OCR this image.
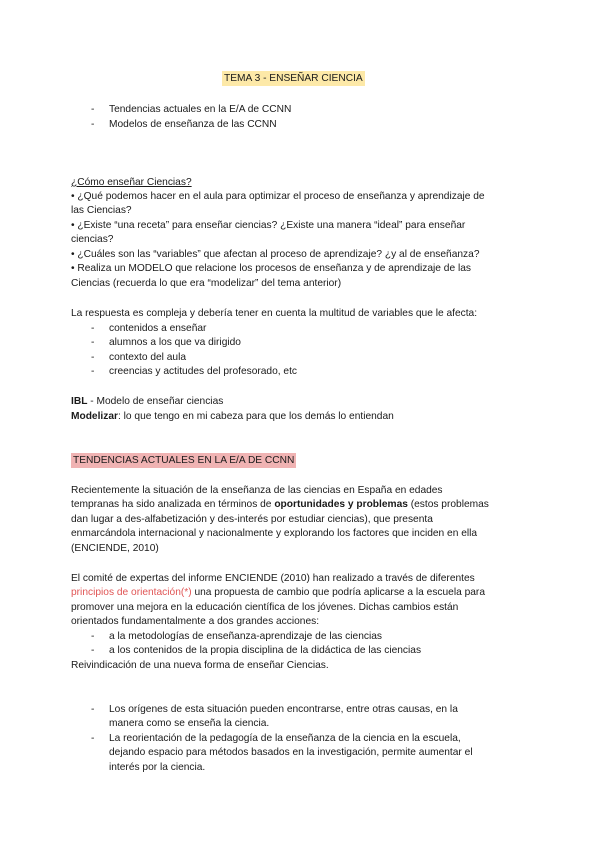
TEMA 3 - ENSEÑAR CIENCIA
- Tendencias actuales en la E/A de CCNN
- Modelos de enseñanza de las CCNN
¿Cómo enseñar Ciencias?
• ¿Qué podemos hacer en el aula para optimizar el proceso de enseñanza y aprendizaje de
las Ciencias?
• ¿Existe “una receta” para enseñar ciencias? ¿Existe una manera “ideal” para enseñar
ciencias?
• ¿Cuáles son las “variables” que afectan al proceso de aprendizaje? ¿y al de enseñanza?
• Realiza un MODELO que relacione los procesos de enseñanza y de aprendizaje de las
Ciencias (recuerda lo que era “modelizar” del tema anterior)
La respuesta es compleja y debería tener en cuenta la multitud de variables que le afecta:
- contenidos a enseñar
- alumnos a los que va dirigido
- contexto del aula
- creencias y actitudes del profesorado, etc
IBL - Modelo de enseñar ciencias
Modelizar: lo que tengo en mi cabeza para que los demás lo entiendan
TENDENCIAS ACTUALES EN LA E/A DE CCNN
Recientemente la situación de la enseñanza de las ciencias en España en edades
tempranas ha sido analizada en términos de oportunidades y problemas (estos problemas
dan lugar a des-alfabetización y des-interés por estudiar ciencias), que presenta
enmarcándola internacional y nacionalmente y explorando los factores que inciden en ella
(ENCIENDE, 2010)
El comité de expertas del informe ENCIENDE (2010) han realizado a través de diferentes
principios de orientación(*) una propuesta de cambio que podría aplicarse a la escuela para
promover una mejora en la educación científica de los jóvenes. Dichas cambios están
orientados fundamentalmente a dos grandes acciones:
- a la metodologías de enseñanza-aprendizaje de las ciencias
- a los contenidos de la propia disciplina de la didáctica de las ciencias
Reivindicación de una nueva forma de enseñar Ciencias.
- Los orígenes de esta situación pueden encontrarse, entre otras causas, en la
manera como se enseña la ciencia.
- La reorientación de la pedagogía de la enseñanza de la ciencia en la escuela,
dejando espacio para métodos basados en la investigación, permite aumentar el
interés por la ciencia.
